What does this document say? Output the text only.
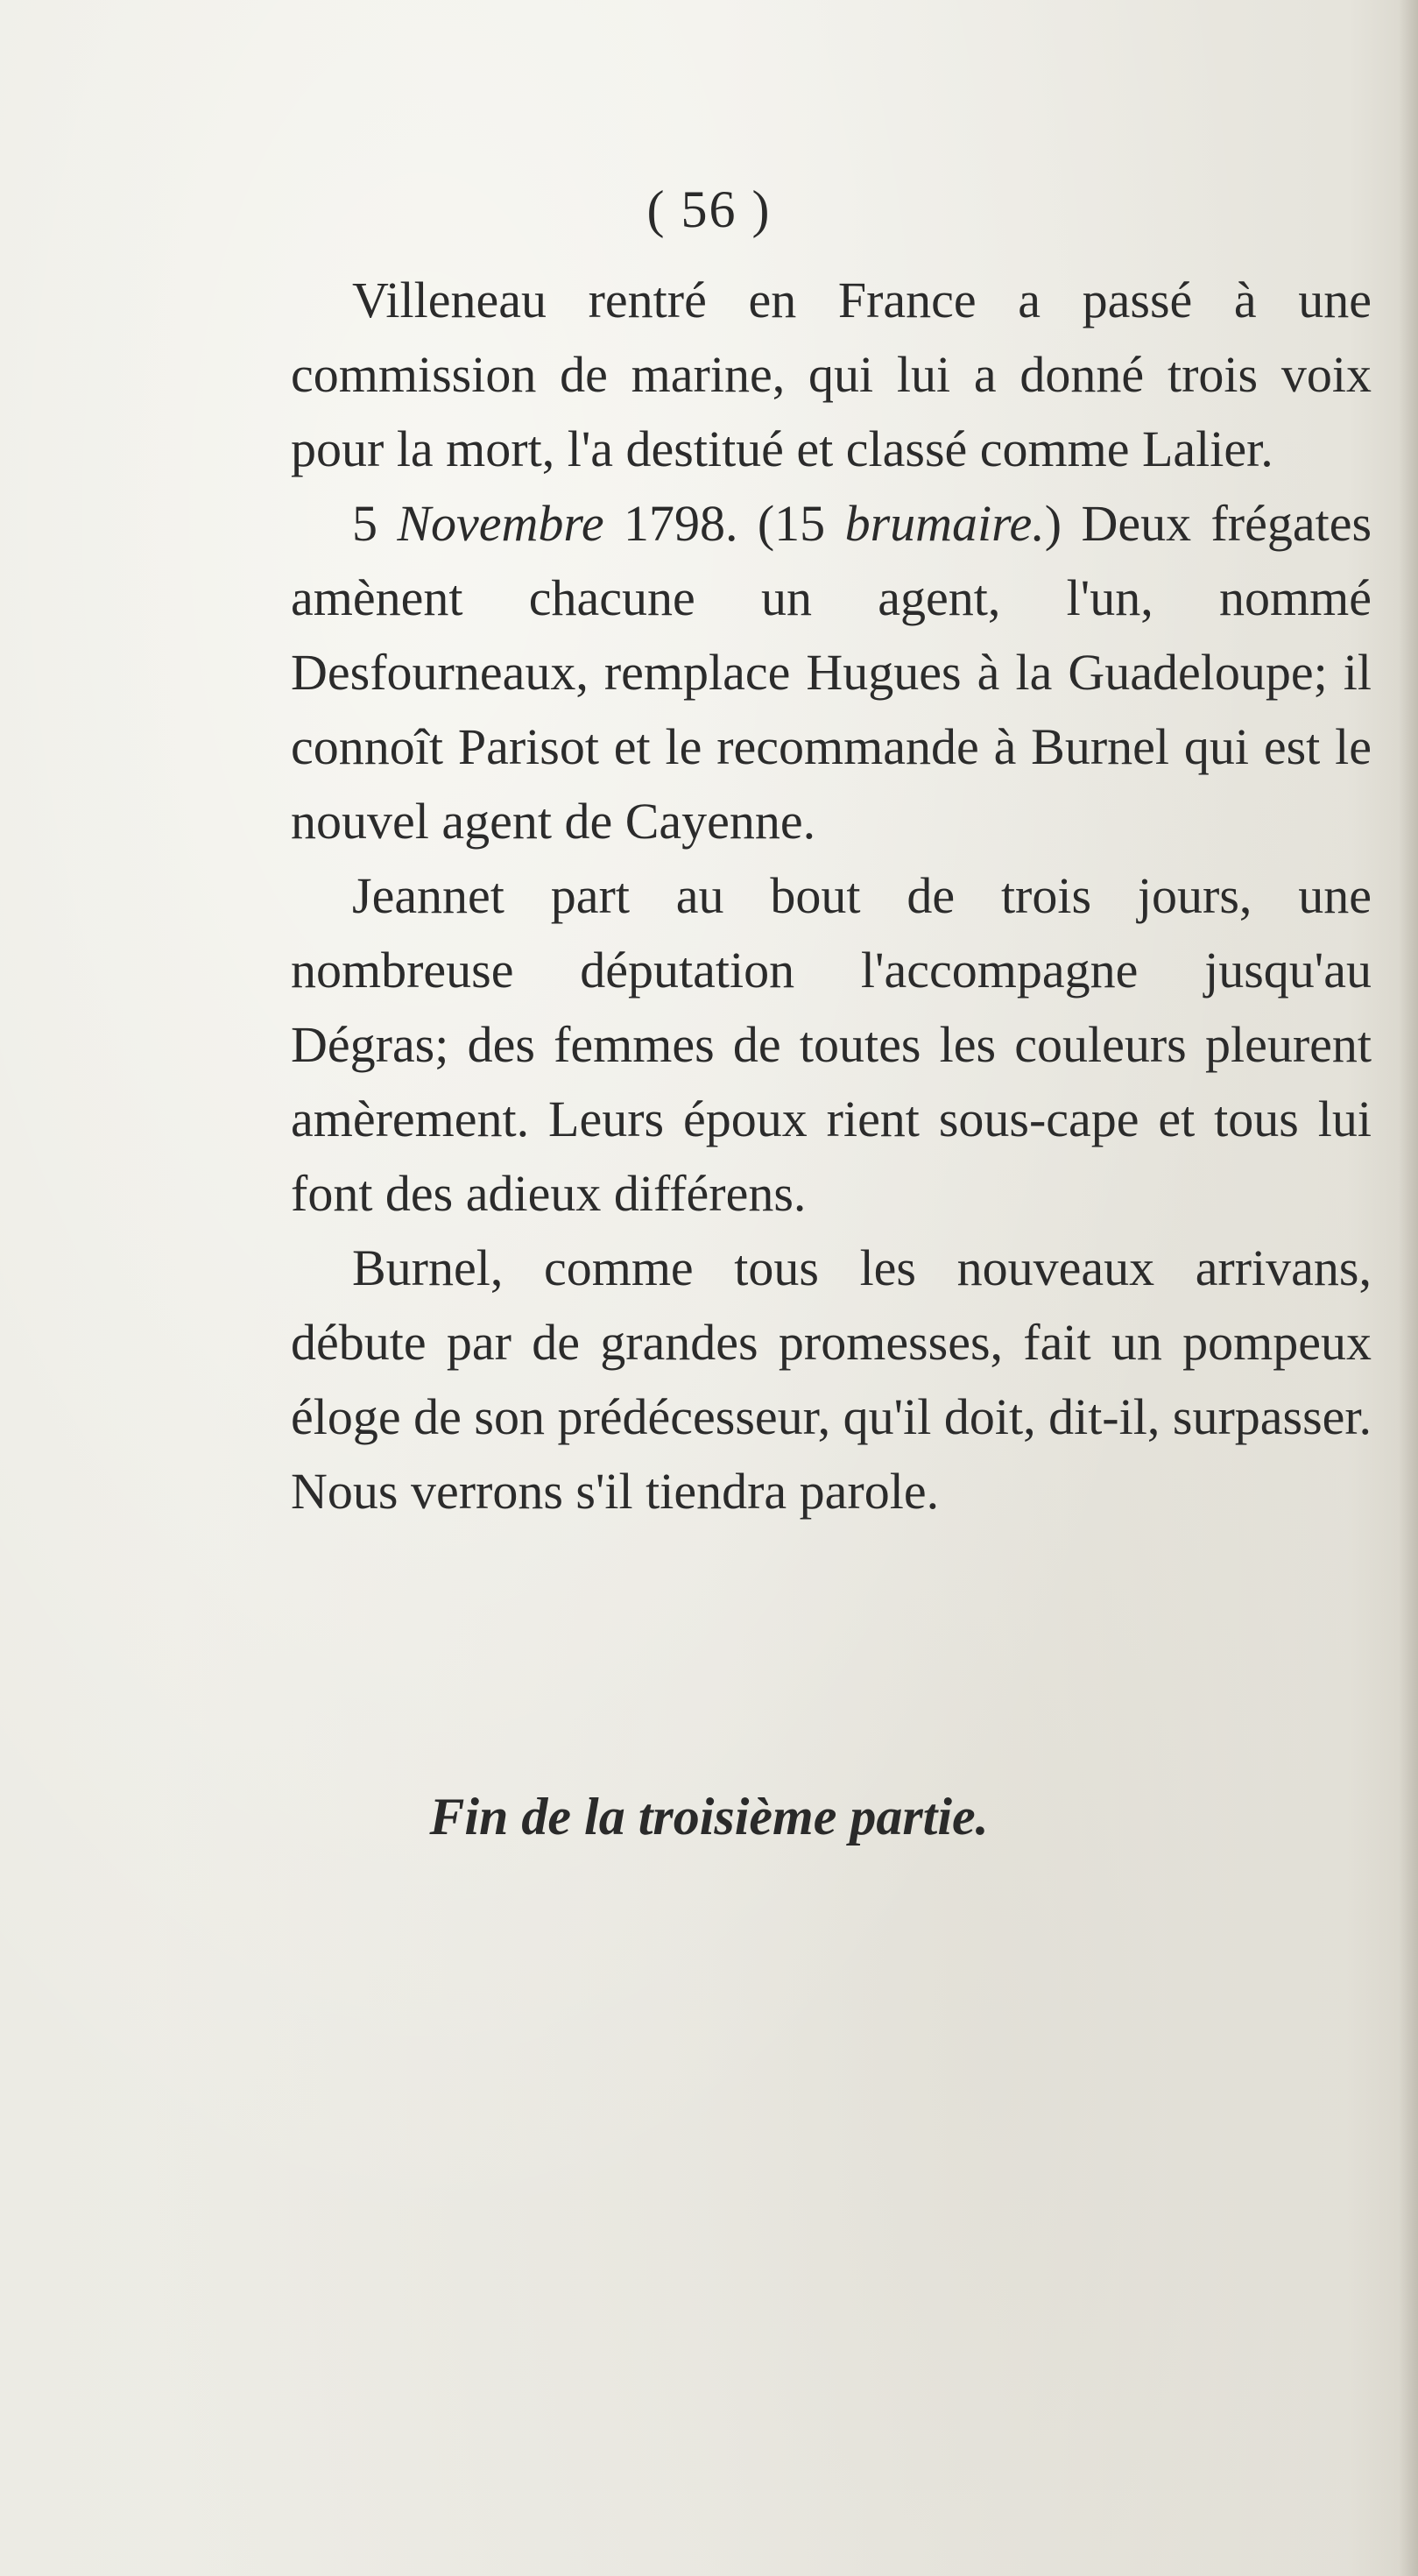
( 56 )

Villeneau rentré en France a passé à une commission de marine, qui lui a donné trois voix pour la mort, l'a destitué et classé comme Lalier.

5 Novembre 1798. (15 brumaire.) Deux frégates amènent chacune un agent, l'un, nommé Desfourneaux, remplace Hugues à la Guadeloupe; il connoît Parisot et le recommande à Burnel qui est le nouvel agent de Cayenne.

Jeannet part au bout de trois jours, une nombreuse députation l'accompagne jusqu'au Dégras; des femmes de toutes les couleurs pleurent amèrement. Leurs époux rient sous-cape et tous lui font des adieux différens.

Burnel, comme tous les nouveaux arrivans, débute par de grandes promesses, fait un pompeux éloge de son prédécesseur, qu'il doit, dit-il, surpasser. Nous verrons s'il tiendra parole.

Fin de la troisième partie.
